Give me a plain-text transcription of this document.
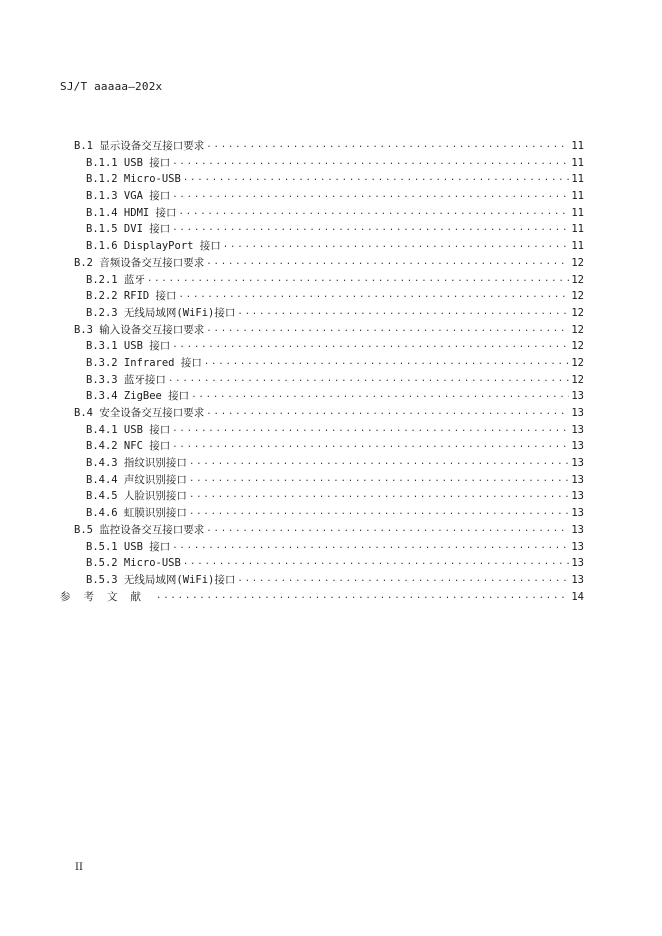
SJ/T aaaaa—202x
B.1 显示设备交互接口要求 .....	11
B.1.1 USB 接口 .....	11
B.1.2 Micro-USB .....	11
B.1.3 VGA 接口 .....	11
B.1.4 HDMI 接口 .....	11
B.1.5 DVI 接口 .....	11
B.1.6 DisplayPort 接口 .....	11
B.2 音频设备交互接口要求 .....	12
B.2.1 蓝牙 .....	12
B.2.2 RFID 接口 .....	12
B.2.3 无线局域网(WiFi)接口 .....	12
B.3 输入设备交互接口要求 .....	12
B.3.1 USB 接口 .....	12
B.3.2 Infrared 接口 .....	12
B.3.3 蓝牙接口 .....	12
B.3.4 ZigBee 接口 .....	13
B.4 安全设备交互接口要求 .....	13
B.4.1 USB 接口 .....	13
B.4.2 NFC 接口 .....	13
B.4.3 指纹识别接口 .....	13
B.4.4 声纹识别接口 .....	13
B.4.5 人脸识别接口 .....	13
B.4.6 虹膜识别接口 .....	13
B.5 监控设备交互接口要求 .....	13
B.5.1 USB 接口 .....	13
B.5.2 Micro-USB .....	13
B.5.3 无线局域网(WiFi)接口 .....	13
参考文献 .....	14
II
